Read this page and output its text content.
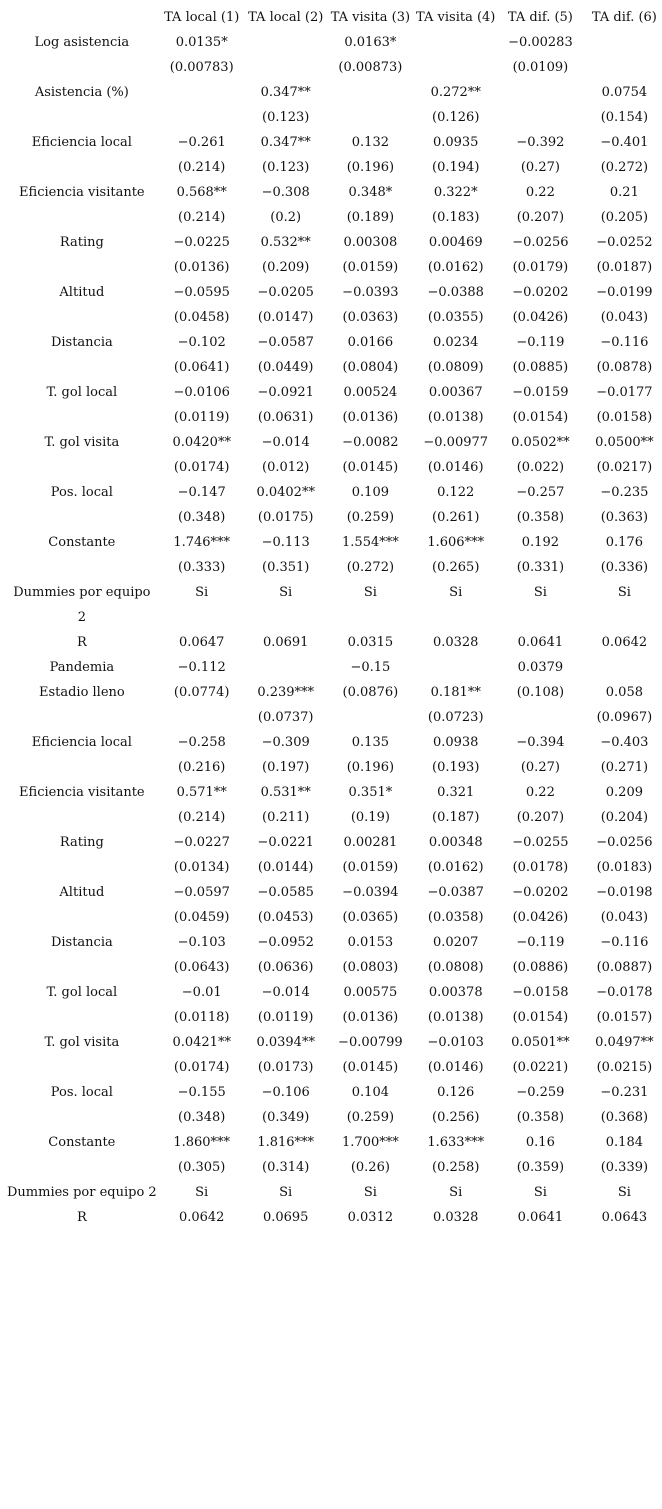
	TA local (1)	TA local (2)	TA visita (3)	TA visita (4)	TA dif. (5)	TA dif. (6)
Log asistencia	0.0135*		0.0163*		−0.00283	
	(0.00783)		(0.00873)		(0.0109)	
Asistencia (%)		0.347**		0.272**		0.0754
		(0.123)		(0.126)		(0.154)
Eficiencia local	−0.261	0.347**	0.132	0.0935	−0.392	−0.401
	(0.214)	(0.123)	(0.196)	(0.194)	(0.27)	(0.272)
Eficiencia visitante	0.568**	−0.308	0.348*	0.322*	0.22	0.21
	(0.214)	(0.2)	(0.189)	(0.183)	(0.207)	(0.205)
Rating	−0.0225	0.532**	0.00308	0.00469	−0.0256	−0.0252
	(0.0136)	(0.209)	(0.0159)	(0.0162)	(0.0179)	(0.0187)
Altitud	−0.0595	−0.0205	−0.0393	−0.0388	−0.0202	−0.0199
	(0.0458)	(0.0147)	(0.0363)	(0.0355)	(0.0426)	(0.043)
Distancia	−0.102	−0.0587	0.0166	0.0234	−0.119	−0.116
	(0.0641)	(0.0449)	(0.0804)	(0.0809)	(0.0885)	(0.0878)
T. gol local	−0.0106	−0.0921	0.00524	0.00367	−0.0159	−0.0177
	(0.0119)	(0.0631)	(0.0136)	(0.0138)	(0.0154)	(0.0158)
T. gol visita	0.0420**	−0.014	−0.0082	−0.00977	0.0502**	0.0500**
	(0.0174)	(0.012)	(0.0145)	(0.0146)	(0.022)	(0.0217)
Pos. local	−0.147	0.0402**	0.109	0.122	−0.257	−0.235
	(0.348)	(0.0175)	(0.259)	(0.261)	(0.358)	(0.363)
Constante	1.746***	−0.113	1.554***	1.606***	0.192	0.176
	(0.333)	(0.351)	(0.272)	(0.265)	(0.331)	(0.336)
Dummies por equipo	Si	Si	Si	Si	Si	Si
2						
R	0.0647	0.0691	0.0315	0.0328	0.0641	0.0642
Pandemia	−0.112		−0.15		0.0379	
Estadio lleno	(0.0774)	0.239***	(0.0876)	0.181**	(0.108)	0.058
		(0.0737)		(0.0723)		(0.0967)
Eficiencia local	−0.258	−0.309	0.135	0.0938	−0.394	−0.403
	(0.216)	(0.197)	(0.196)	(0.193)	(0.27)	(0.271)
Eficiencia visitante	0.571**	0.531**	0.351*	0.321	0.22	0.209
	(0.214)	(0.211)	(0.19)	(0.187)	(0.207)	(0.204)
Rating	−0.0227	−0.0221	0.00281	0.00348	−0.0255	−0.0256
	(0.0134)	(0.0144)	(0.0159)	(0.0162)	(0.0178)	(0.0183)
Altitud	−0.0597	−0.0585	−0.0394	−0.0387	−0.0202	−0.0198
	(0.0459)	(0.0453)	(0.0365)	(0.0358)	(0.0426)	(0.043)
Distancia	−0.103	−0.0952	0.0153	0.0207	−0.119	−0.116
	(0.0643)	(0.0636)	(0.0803)	(0.0808)	(0.0886)	(0.0887)
T. gol local	−0.01	−0.014	0.00575	0.00378	−0.0158	−0.0178
	(0.0118)	(0.0119)	(0.0136)	(0.0138)	(0.0154)	(0.0157)
T. gol visita	0.0421**	0.0394**	−0.00799	−0.0103	0.0501**	0.0497**
	(0.0174)	(0.0173)	(0.0145)	(0.0146)	(0.0221)	(0.0215)
Pos. local	−0.155	−0.106	0.104	0.126	−0.259	−0.231
	(0.348)	(0.349)	(0.259)	(0.256)	(0.358)	(0.368)
Constante	1.860***	1.816***	1.700***	1.633***	0.16	0.184
	(0.305)	(0.314)	(0.26)	(0.258)	(0.359)	(0.339)
Dummies por equipo 2	Si	Si	Si	Si	Si	Si
R	0.0642	0.0695	0.0312	0.0328	0.0641	0.0643
